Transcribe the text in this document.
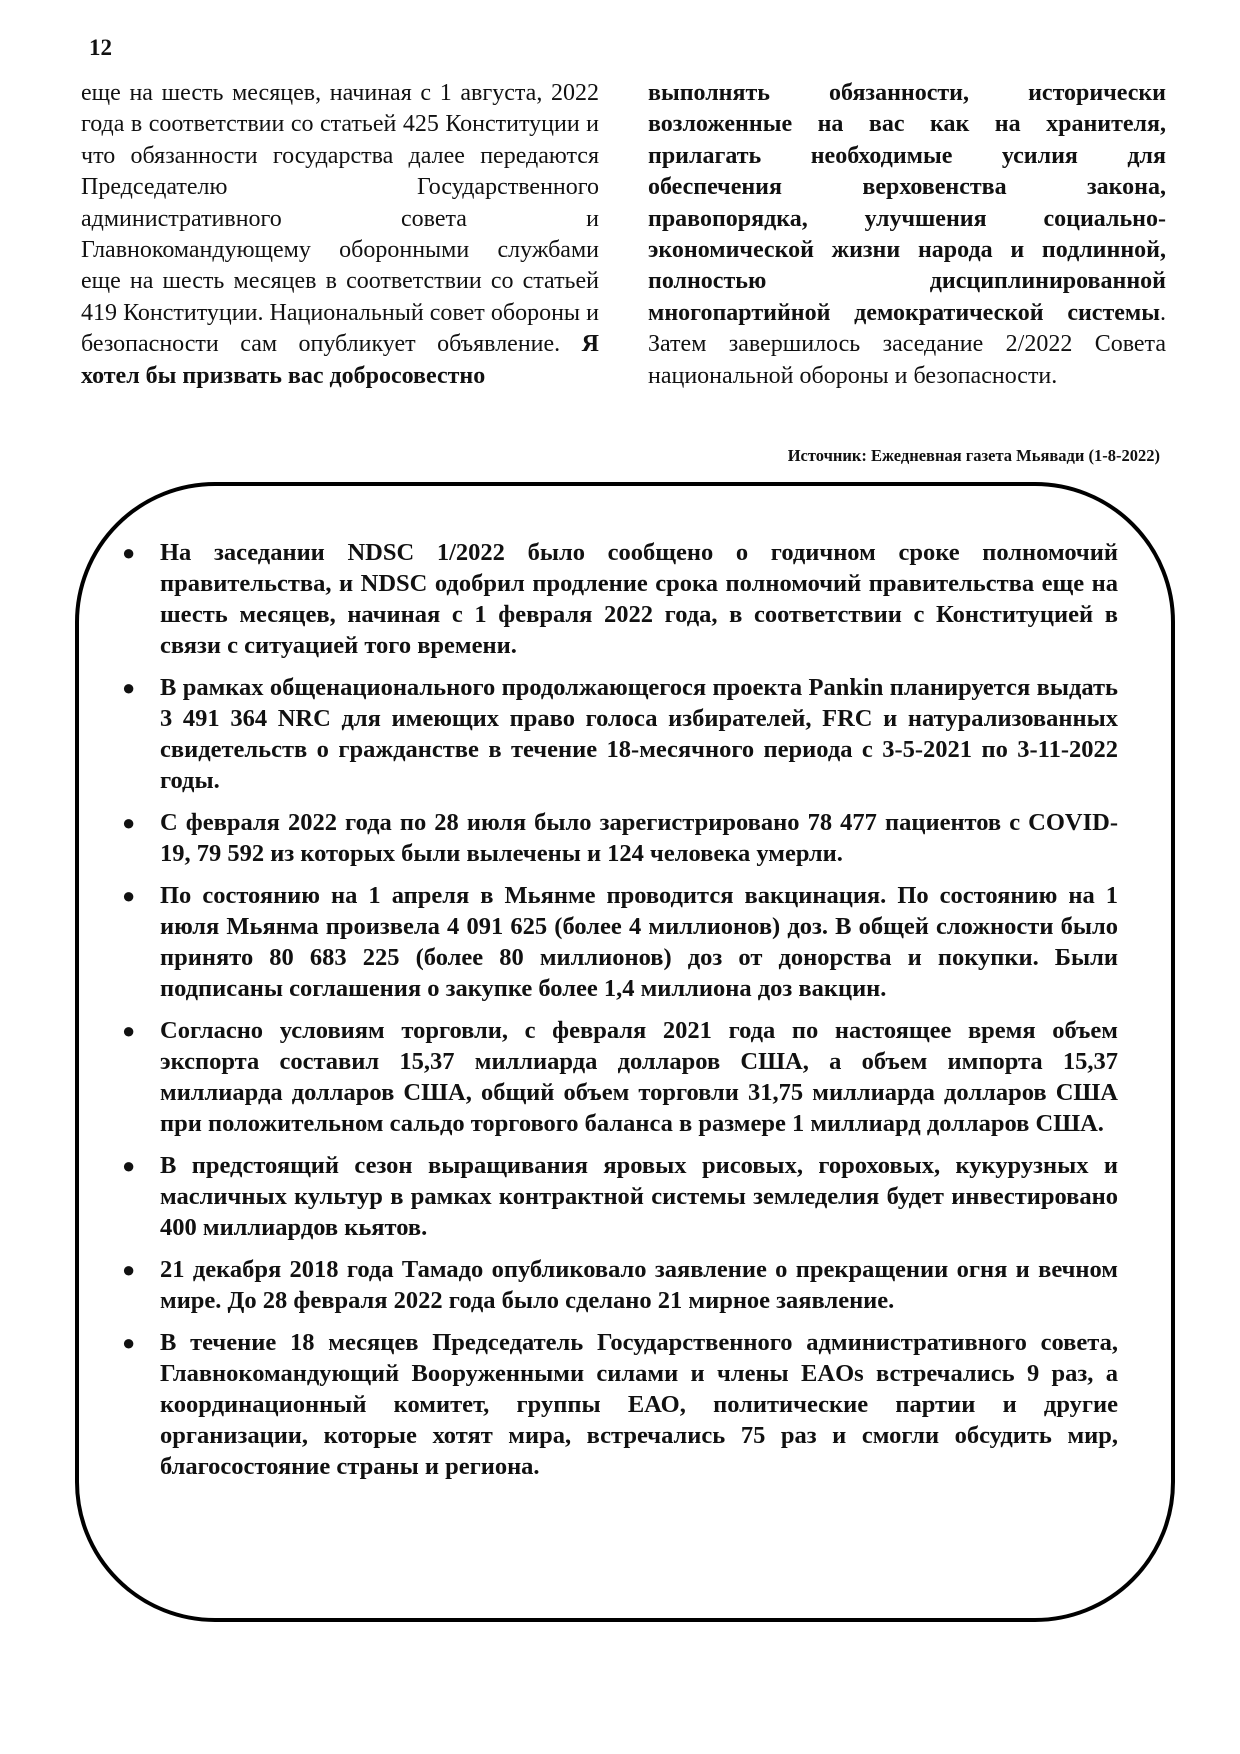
12
еще на шесть месяцев, начиная с 1 августа, 2022 года в соответствии со статьей 425 Конституции и что обязанности государства далее передаются Председателю Государственного административного совета и Главнокомандующему оборонными службами еще на шесть месяцев в соответствии со статьей 419 Конституции. Национальный совет обороны и безопасности сам опубликует объявление. Я хотел бы призвать вас добросовестно
выполнять обязанности, исторически возложенные на вас как на хранителя, прилагать необходимые усилия для обеспечения верховенства закона, правопорядка, улучшения социально-экономической жизни народа и подлинной, полностью дисциплинированной многопартийной демократической системы. Затем завершилось заседание 2/2022 Совета национальной обороны и безопасности.
Источник: Ежедневная газета Мьявади (1-8-2022)
● На заседании NDSC 1/2022 было сообщено о годичном сроке полномочий правительства, и NDSC одобрил продление срока полномочий правительства еще на шесть месяцев, начиная с 1 февраля 2022 года, в соответствии с Конституцией в связи с ситуацией того времени.
● В рамках общенационального продолжающегося проекта Pankin планируется выдать 3 491 364 NRC для имеющих право голоса избирателей, FRC и натурализованных свидетельств о гражданстве в течение 18-месячного периода с 3-5-2021 по 3-11-2022 годы.
● С февраля 2022 года по 28 июля было зарегистрировано 78 477 пациентов с COVID-19, 79 592 из которых были вылечены и 124 человека умерли.
● По состоянию на 1 апреля в Мьянме проводится вакцинация. По состоянию на 1 июля Мьянма произвела 4 091 625 (более 4 миллионов) доз. В общей сложности было принято 80 683 225 (более 80 миллионов) доз от донорства и покупки. Были подписаны соглашения о закупке более 1,4 миллиона доз вакцин.
● Согласно условиям торговли, с февраля 2021 года по настоящее время объем экспорта составил 15,37 миллиарда долларов США, а объем импорта 15,37 миллиарда долларов США, общий объем торговли 31,75 миллиарда долларов США при положительном сальдо торгового баланса в размере 1 миллиард долларов США.
● В предстоящий сезон выращивания яровых рисовых, гороховых, кукурузных и масличных культур в рамках контрактной системы земледелия будет инвестировано 400 миллиардов кьятов.
● 21 декабря 2018 года Тамадо опубликовало заявление о прекращении огня и вечном мире. До 28 февраля 2022 года было сделано 21 мирное заявление.
● В течение 18 месяцев Председатель Государственного административного совета, Главнокомандующий Вооруженными силами и члены EAOs встречались 9 раз, а координационный комитет, группы ЕАО, политические партии и другие организации, которые хотят мира, встречались 75 раз и смогли обсудить мир, благосостояние страны и региона.
